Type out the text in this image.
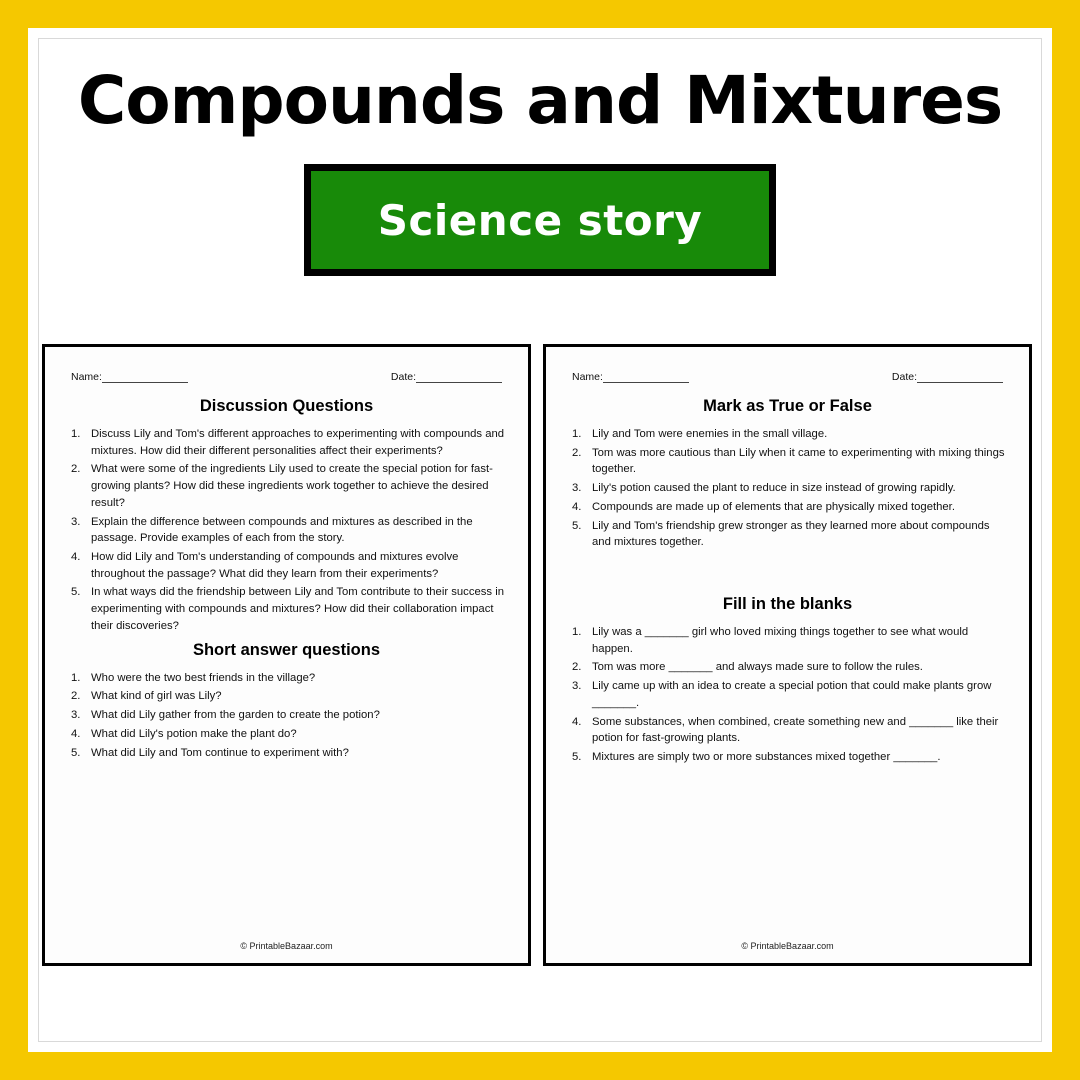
Compounds and Mixtures
Science story
Name:	Date:
Discussion Questions
1. Discuss Lily and Tom's different approaches to experimenting with compounds and mixtures. How did their different personalities affect their experiments?
2. What were some of the ingredients Lily used to create the special potion for fast-growing plants? How did these ingredients work together to achieve the desired result?
3. Explain the difference between compounds and mixtures as described in the passage. Provide examples of each from the story.
4. How did Lily and Tom's understanding of compounds and mixtures evolve throughout the passage? What did they learn from their experiments?
5. In what ways did the friendship between Lily and Tom contribute to their success in experimenting with compounds and mixtures? How did their collaboration impact their discoveries?
Short answer questions
1. Who were the two best friends in the village?
2. What kind of girl was Lily?
3. What did Lily gather from the garden to create the potion?
4. What did Lily's potion make the plant do?
5. What did Lily and Tom continue to experiment with?
© PrintableBazaar.com
Name:	Date:
Mark as True or False
1. Lily and Tom were enemies in the small village.
2. Tom was more cautious than Lily when it came to experimenting with mixing things together.
3. Lily's potion caused the plant to reduce in size instead of growing rapidly.
4. Compounds are made up of elements that are physically mixed together.
5. Lily and Tom's friendship grew stronger as they learned more about compounds and mixtures together.
Fill in the blanks
1. Lily was a _______ girl who loved mixing things together to see what would happen.
2. Tom was more _______ and always made sure to follow the rules.
3. Lily came up with an idea to create a special potion that could make plants grow _______.
4. Some substances, when combined, create something new and _______ like their potion for fast-growing plants.
5. Mixtures are simply two or more substances mixed together _______.
© PrintableBazaar.com
